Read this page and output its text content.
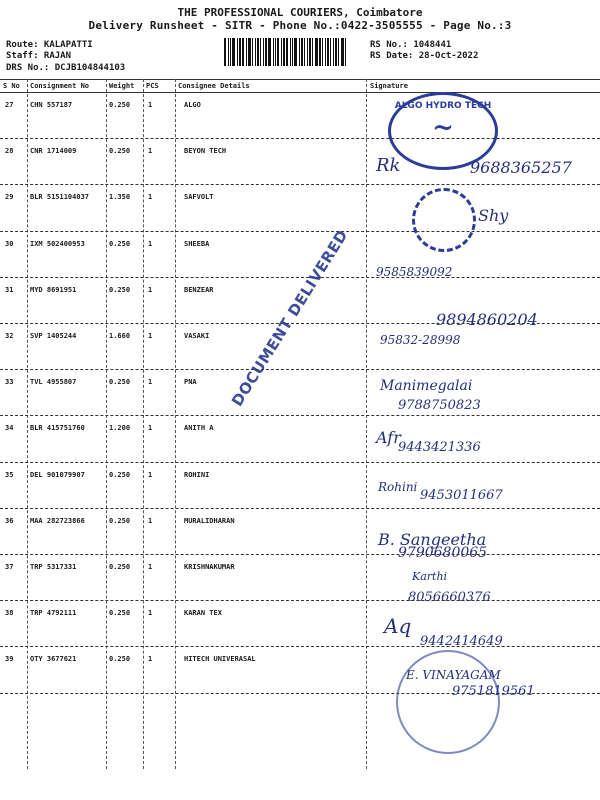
THE PROFESSIONAL COURIERS, Coimbatore
Delivery Runsheet - SITR - Phone No.:0422-3505555 - Page No.:3
Route: KALAPATTI
Staff: RAJAN
DRS No.: DCJB104844103
RS No.: 1048441
RS Date: 28-Oct-2022
S No Consignment No	Weight PCS	Consignee Details	Signature
27 CHN 557187	0.250	1	ALGO
28 CNR 1714009	0.250	1	BEYON TECH
29 BLR 5151104037	1.350	1	SAFVOLT
30 IXM 502400953	0.250	1	SHEEBA
31 MYD 8691951	0.250	1	BENZEAR
32 SVP 1405244	1.660	1	VASAKI
33 TVL 4955807	0.250	1	PNA
34 BLR 415751760	1.200	1	ANITH A
35 DEL 901079907	0.250	1	ROHINI
36 MAA 282723866	0.250	1	MURALIDHARAN
37 TRP 5317331	0.250	1	KRISHNAKUMAR
38 TRP 4792111	0.250	1	KARAN TEX
39 OTY 3677621	0.250	1	HITECH UNIVERASAL
ALGO HYDRO TECH
~
DOCUMENT DELIVERED
9688365257
Rk
Shy
9585839092
9894860204
95832-28998
Manimegalai
9788750823
Afr
9443421336
Rohini
9453011667
B. Sangeetha
9790680065
Karthi
8056660376
Aq
9442414649
E. VINAYAGAM
9751819561
